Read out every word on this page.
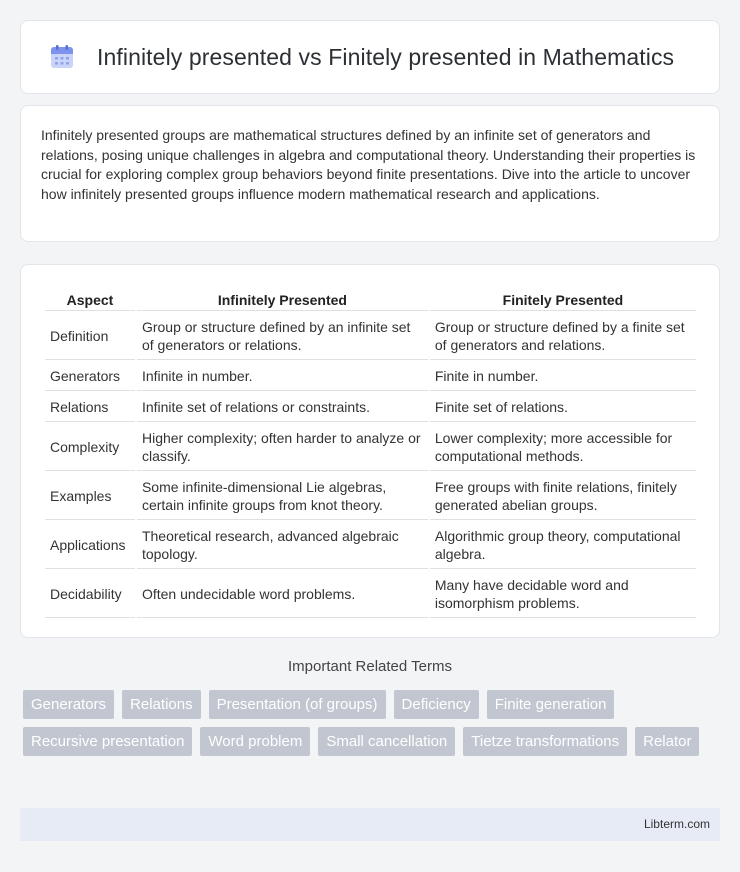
Infinitely presented vs Finitely presented in Mathematics

Infinitely presented groups are mathematical structures defined by an infinite set of generators and relations, posing unique challenges in algebra and computational theory. Understanding their properties is crucial for exploring complex group behaviors beyond finite presentations. Dive into the article to uncover how infinitely presented groups influence modern mathematical research and applications.

Aspect	Infinitely Presented	Finitely Presented
Definition	Group or structure defined by an infinite set of generators or relations.	Group or structure defined by a finite set of generators and relations.
Generators	Infinite in number.	Finite in number.
Relations	Infinite set of relations or constraints.	Finite set of relations.
Complexity	Higher complexity; often harder to analyze or classify.	Lower complexity; more accessible for computational methods.
Examples	Some infinite-dimensional Lie algebras, certain infinite groups from knot theory.	Free groups with finite relations, finitely generated abelian groups.
Applications	Theoretical research, advanced algebraic topology.	Algorithmic group theory, computational algebra.
Decidability	Often undecidable word problems.	Many have decidable word and isomorphism problems.
Important Related Terms
Generators	Relations	Presentation (of groups)	Deficiency	Finite generation
Recursive presentation	Word problem	Small cancellation	Tietze transformations	Relator
Libterm.com
